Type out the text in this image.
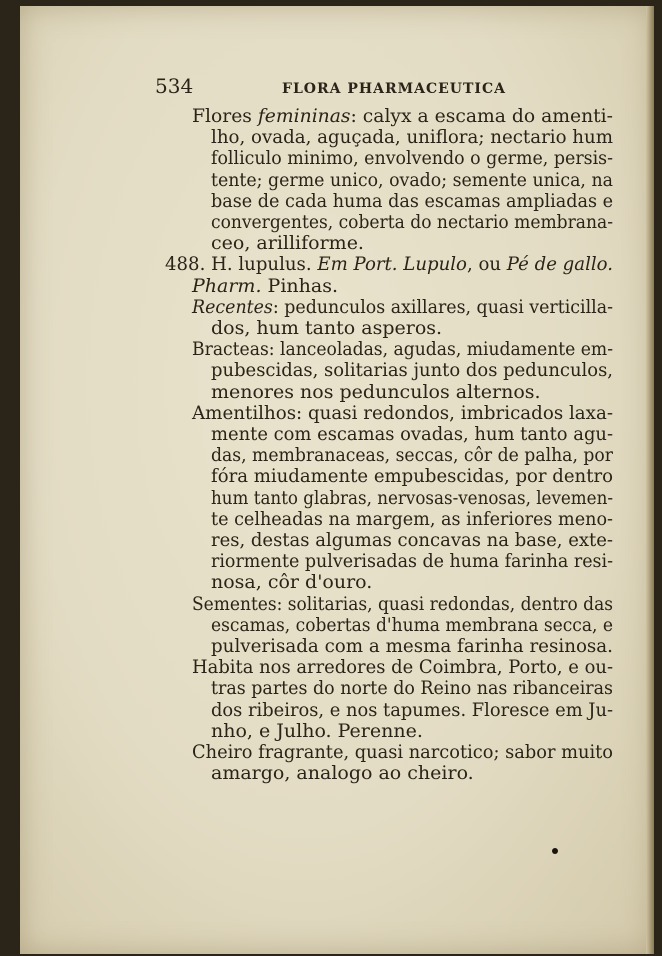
534	FLORA PHARMACEUTICA
Flores femininas: calyx a escama do amenti-
lho, ovada, aguçada, uniflora; nectario hum
folliculo minimo, envolvendo o germe, persis-
tente; germe unico, ovado; semente unica, na
base de cada huma das escamas ampliadas e
convergentes, coberta do nectario membrana-
ceo, arilliforme.
488. H. lupulus. Em Port. Lupulo, ou Pé de gallo.
Pharm. Pinhas.
Recentes: pedunculos axillares, quasi verticilla-
dos, hum tanto asperos.
Bracteas: lanceoladas, agudas, miudamente em-
pubescidas, solitarias junto dos pedunculos,
menores nos pedunculos alternos.
Amentilhos: quasi redondos, imbricados laxa-
mente com escamas ovadas, hum tanto agu-
das, membranaceas, seccas, côr de palha, por
fóra miudamente empubescidas, por dentro
hum tanto glabras, nervosas-venosas, levemen-
te celheadas na margem, as inferiores meno-
res, destas algumas concavas na base, exte-
riormente pulverisadas de huma farinha resi-
nosa, côr d'ouro.
Sementes: solitarias, quasi redondas, dentro das
escamas, cobertas d'huma membrana secca, e
pulverisada com a mesma farinha resinosa.
Habita nos arredores de Coimbra, Porto, e ou-
tras partes do norte do Reino nas ribanceiras
dos ribeiros, e nos tapumes. Floresce em Ju-
nho, e Julho. Perenne.
Cheiro fragrante, quasi narcotico; sabor muito
amargo, analogo ao cheiro.
